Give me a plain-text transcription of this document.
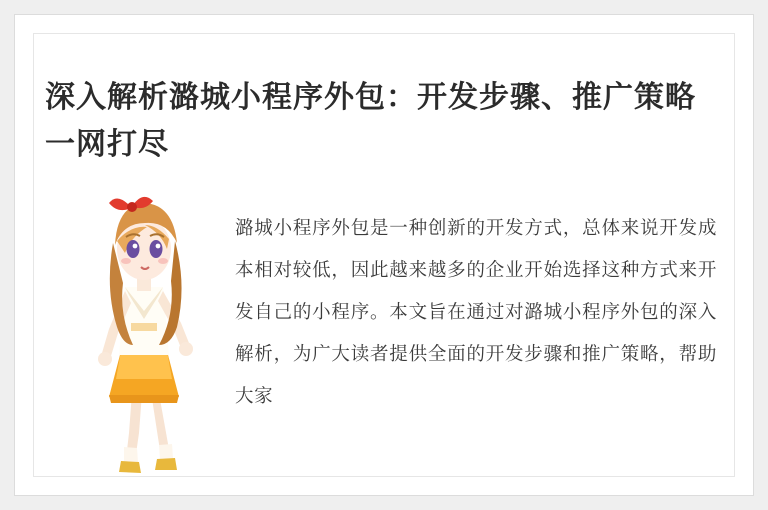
深入解析潞城小程序外包：开发步骤、推广策略一网打尽

潞城小程序外包是一种创新的开发方式，总体来说开发成本相对较低，因此越来越多的企业开始选择这种方式来开发自己的小程序。本文旨在通过对潞城小程序外包的深入解析，为广大读者提供全面的开发步骤和推广策略，帮助大家
